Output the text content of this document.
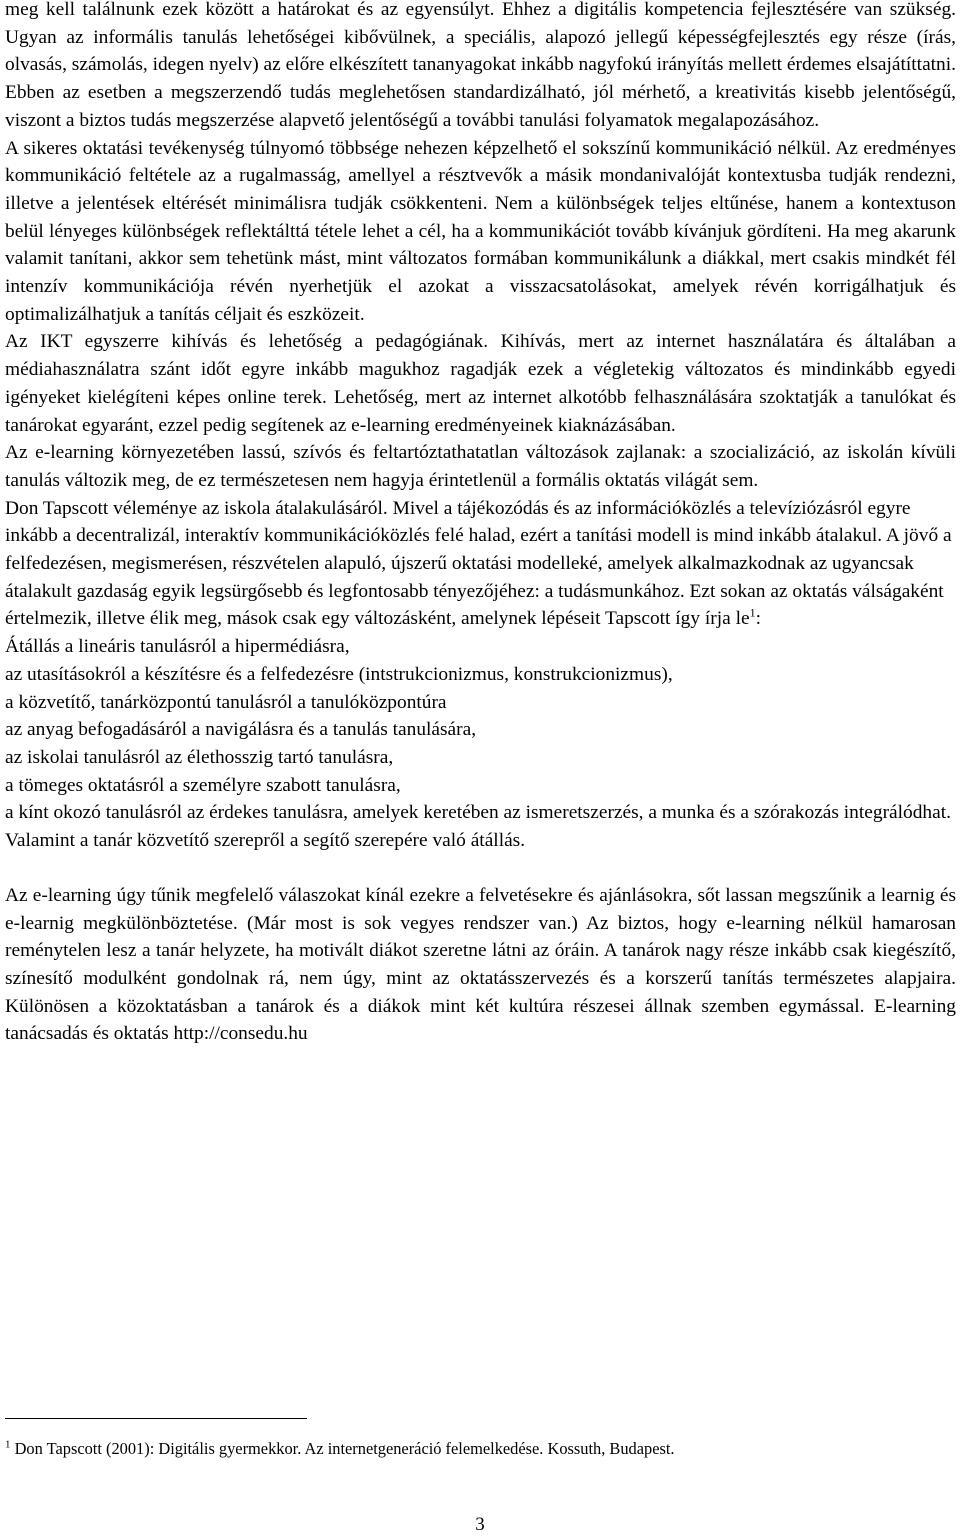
meg kell találnunk ezek között a határokat és az egyensúlyt. Ehhez a digitális kompetencia fejlesztésére van szükség. Ugyan az informális tanulás lehetőségei kibővülnek, a speciális, alapozó jellegű képességfejlesztés egy része (írás, olvasás, számolás, idegen nyelv) az előre elkészített tananyagokat inkább nagyfokú irányítás mellett érdemes elsajátíttatni. Ebben az esetben a megszerzendő tudás meglehetősen standardizálható, jól mérhető, a kreativitás kisebb jelentőségű, viszont a biztos tudás megszerzése alapvető jelentőségű a további tanulási folyamatok megalapozásához.

A sikeres oktatási tevékenység túlnyomó többsége nehezen képzelhető el sokszínű kommunikáció nélkül. Az eredményes kommunikáció feltétele az a rugalmasság, amellyel a résztvevők a másik mondanivalóját kontextusba tudják rendezni, illetve a jelentések eltérését minimálisra tudják csökkenteni. Nem a különbségek teljes eltűnése, hanem a kontextuson belül lényeges különbségek reflektálttá tétele lehet a cél, ha a kommunikációt tovább kívánjuk gördíteni. Ha meg akarunk valamit tanítani, akkor sem tehetünk mást, mint változatos formában kommunikálunk a diákkal, mert csakis mindkét fél intenzív kommunikációja révén nyerhetjük el azokat a visszacsatolásokat, amelyek révén korrigálhatjuk és optimalizálhatjuk a tanítás céljait és eszközeit.

Az IKT egyszerre kihívás és lehetőség a pedagógiának. Kihívás, mert az internet használatára és általában a médiahasználatra szánt időt egyre inkább magukhoz ragadják ezek a végletekig változatos és mindinkább egyedi igényeket kielégíteni képes online terek. Lehetőség, mert az internet alkotóbb felhasználására szoktatják a tanulókat és tanárokat egyaránt, ezzel pedig segítenek az e-learning eredményeinek kiaknázásában.

Az e-learning környezetében lassú, szívós és feltartóztathatatlan változások zajlanak: a szocializáció, az iskolán kívüli tanulás változik meg, de ez természetesen nem hagyja érintetlenül a formális oktatás világát sem.

Don Tapscott véleménye az iskola átalakulásáról. Mivel a tájékozódás és az információközlés a televíziózásról egyre inkább a decentralizál, interaktív kommunikációközlés felé halad, ezért a tanítási modell is mind inkább átalakul. A jövő a felfedezésen, megismerésen, részvételen alapuló, újszerű oktatási modelleké, amelyek alkalmazkodnak az ugyancsak átalakult gazdaság egyik legsürgősebb és legfontosabb tényezőjéhez: a tudásmunkához. Ezt sokan az oktatás válságaként értelmezik, illetve élik meg, mások csak egy változásként, amelynek lépéseit Tapscott így írja $le^1$:

Átállás a lineáris tanulásról a hipermédiásra,

az utasításokról a készítésre és a felfedezésre (intstrukcionizmus, konstrukcionizmus),

a közvetítő, tanárközpontú tanulásról a tanulóközpontúra

az anyag befogadásáról a navigálásra és a tanulás tanulására,

az iskolai tanulásról az élethosszig tartó tanulásra,

a tömeges oktatásról a személyre szabott tanulásra,

a kínt okozó tanulásról az érdekes tanulásra, amelyek keretében az ismeretszerzés, a munka és a szórakozás integrálódhat.

Valamint a tanár közvetítő szerepről a segítő szerepére való átállás.

Az e-learning úgy tűnik megfelelő válaszokat kínál ezekre a felvetésekre és ajánlásokra, sőt lassan megszűnik a learnig és e-learnig megkülönböztetése. (Már most is sok vegyes rendszer van.) Az biztos, hogy e-learning nélkül hamarosan reménytelen lesz a tanár helyzete, ha motivált diákot szeretne látni az óráin. A tanárok nagy része inkább csak kiegészítő, színesítő modulként gondolnak rá, nem úgy, mint az oktatásszervezés és a korszerű tanítás természetes alapjaira. Különösen a közoktatásban a tanárok és a diákok mint két kultúra részesei állnak szemben egymással. E-learning tanácsadás és oktatás http://consedu.hu

$^1$ Don Tapscott (2001): Digitális gyermekkor. Az internetgeneráció felemelkedése. Kossuth, Budapest.
3
